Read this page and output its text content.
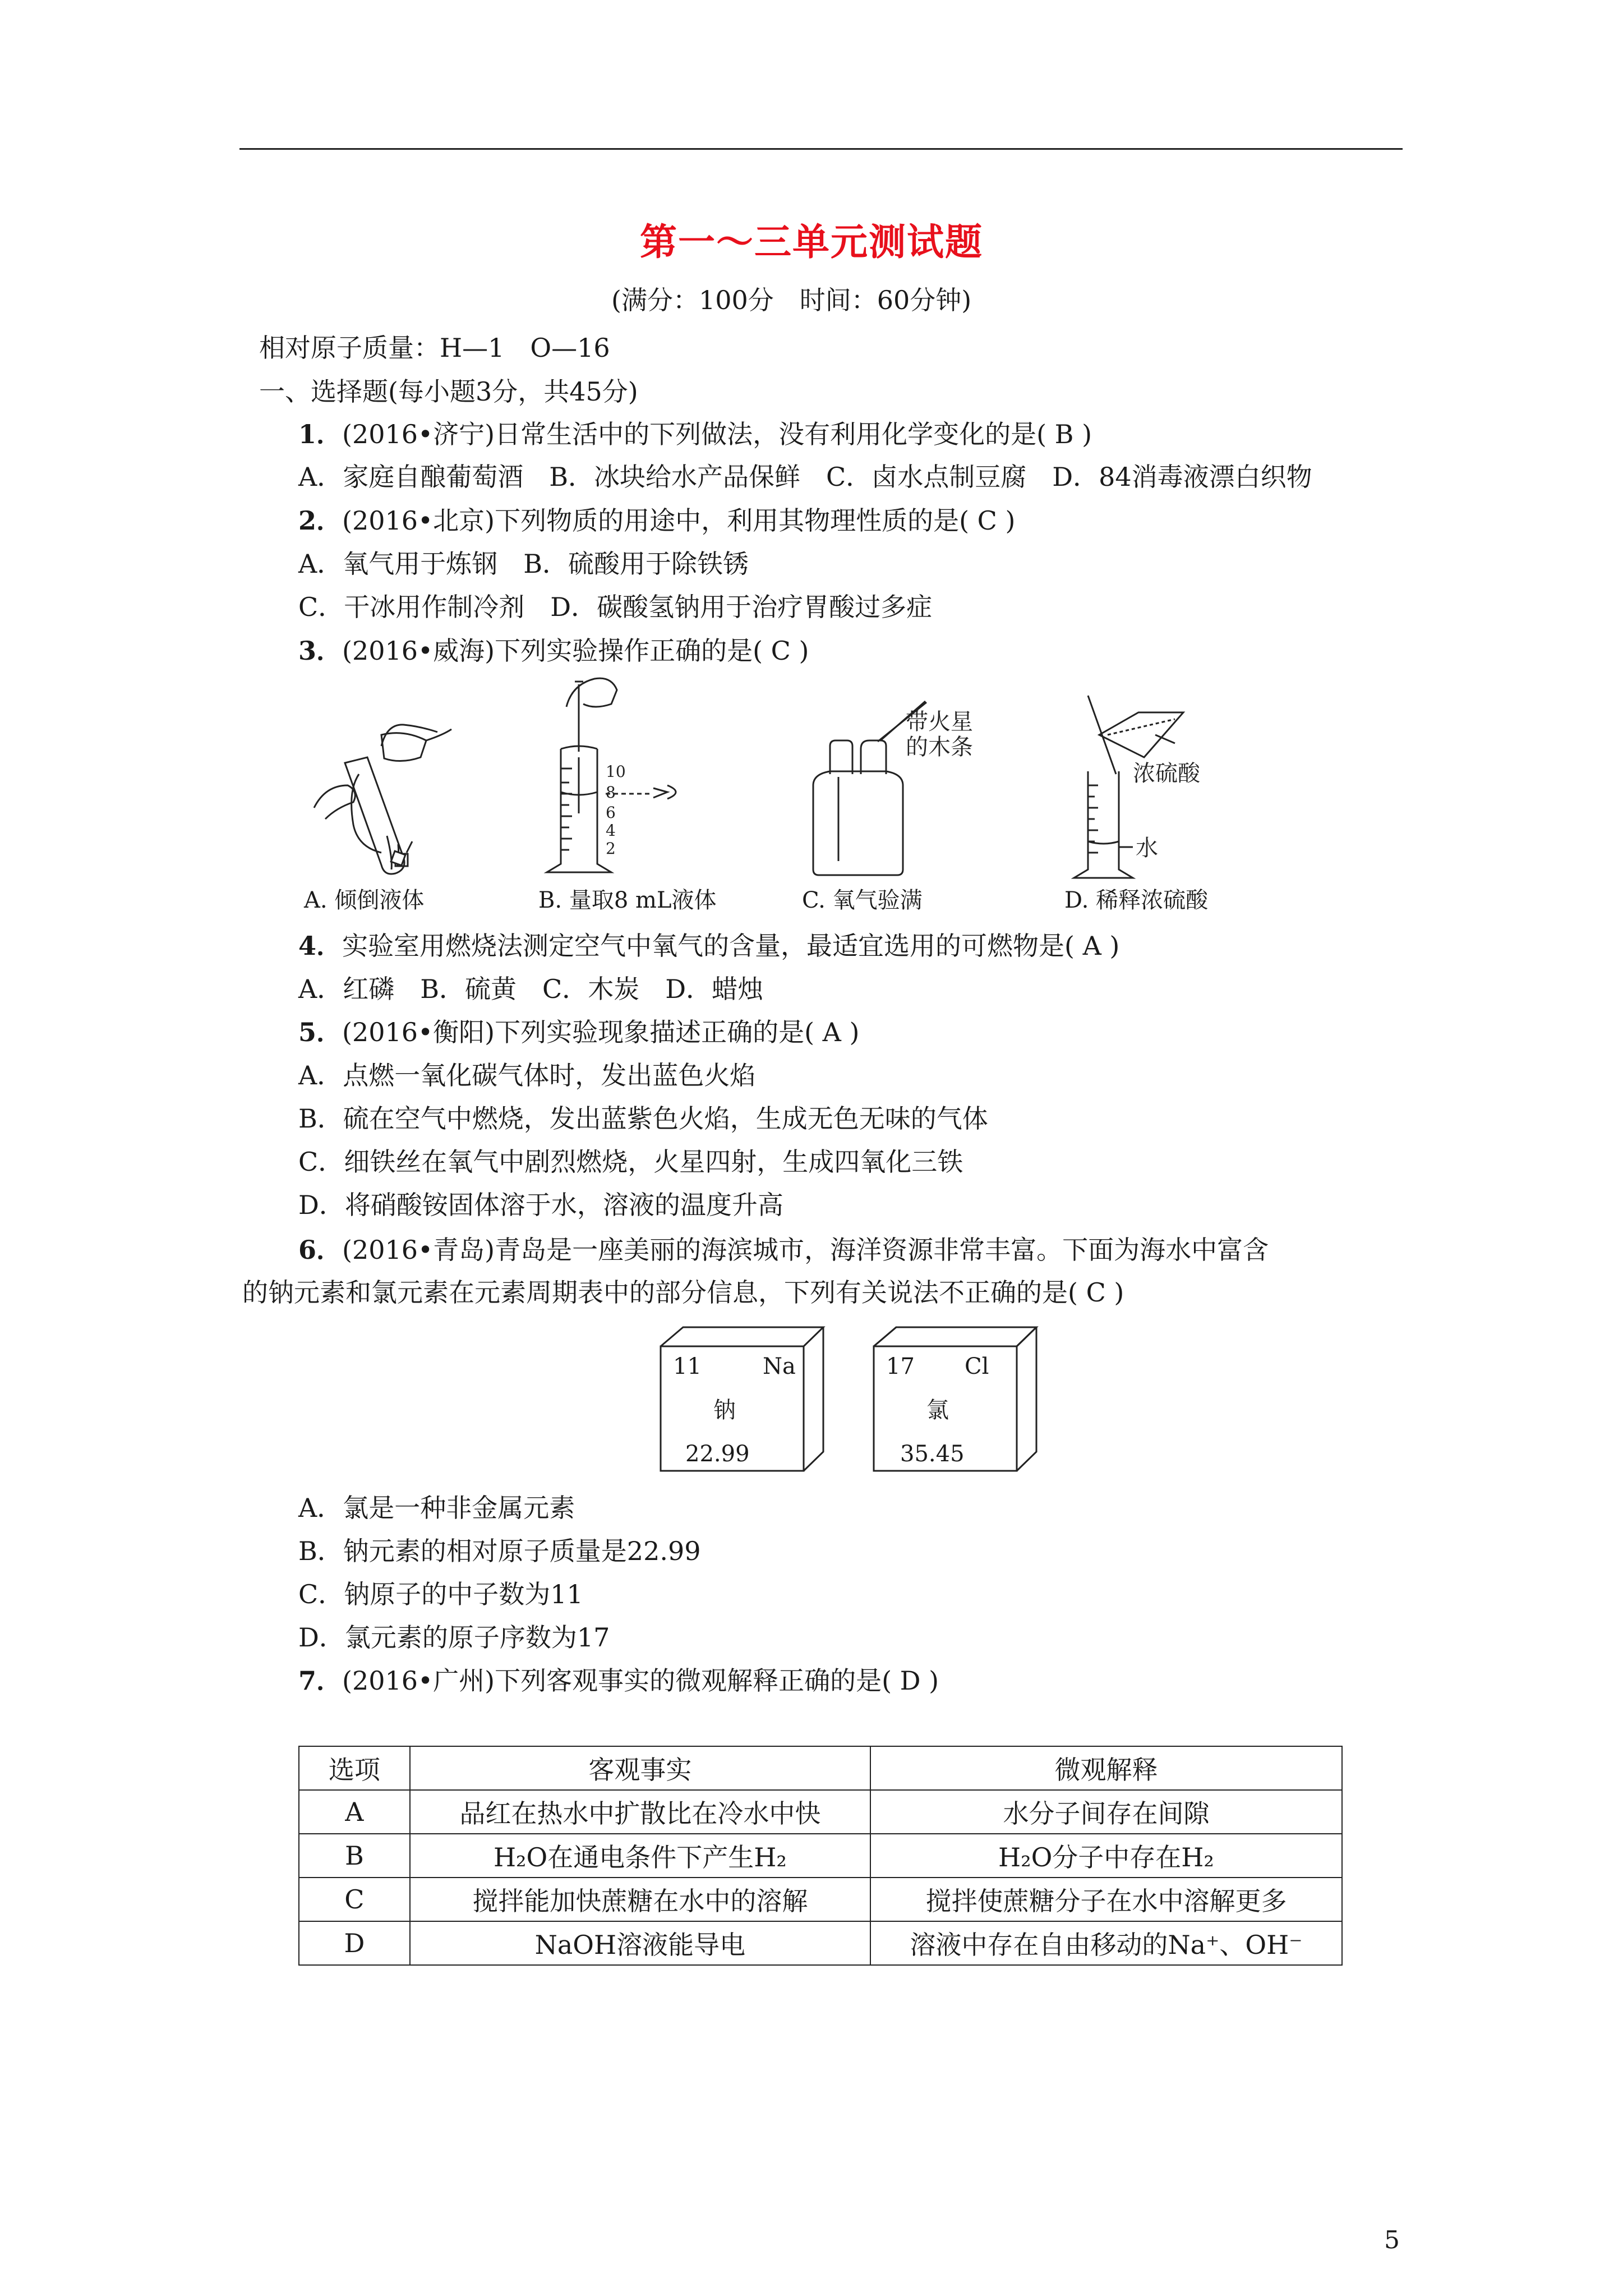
第一～三单元测试题
(满分：100分　时间：60分钟)
相对原子质量：H—1　O—16
一、选择题(每小题3分，共45分)
1．(2016•济宁)日常生活中的下列做法，没有利用化学变化的是( B )
A．家庭自酿葡萄酒　B．冰块给水产品保鲜　C．卤水点制豆腐　D．84消毒液漂白织物
2．(2016•北京)下列物质的用途中，利用其物理性质的是( C )
A．氧气用于炼钢　B．硫酸用于除铁锈
C．干冰用作制冷剂　D．碳酸氢钠用于治疗胃酸过多症
3．(2016•威海)下列实验操作正确的是( C )
A. 倾倒液体
10
8
6
4
2
B. 量取8 mL液体
带火星
的木条
C. 氧气验满
浓硫酸
水
D. 稀释浓硫酸
4．实验室用燃烧法测定空气中氧气的含量，最适宜选用的可燃物是( A )
A．红磷　B．硫黄　C．木炭　D．蜡烛
5．(2016•衡阳)下列实验现象描述正确的是( A )
A．点燃一氧化碳气体时，发出蓝色火焰
B．硫在空气中燃烧，发出蓝紫色火焰，生成无色无味的气体
C．细铁丝在氧气中剧烈燃烧，火星四射，生成四氧化三铁
D．将硝酸铵固体溶于水，溶液的温度升高
6．(2016•青岛)青岛是一座美丽的海滨城市，海洋资源非常丰富。下面为海水中富含
的钠元素和氯元素在元素周期表中的部分信息，下列有关说法不正确的是( C )
11	Na
钠
22.99
17 Cl
氯
35.45
A．氯是一种非金属元素
B．钠元素的相对原子质量是22.99
C．钠原子的中子数为11
D．氯元素的原子序数为17
7．(2016•广州)下列客观事实的微观解释正确的是( D )
选项	客观事实	微观解释
A	品红在热水中扩散比在冷水中快	水分子间存在间隙
B	H₂O在通电条件下产生H₂	H₂O分子中存在H₂
C	搅拌能加快蔗糖在水中的溶解	搅拌使蔗糖分子在水中溶解更多
D	NaOH溶液能导电	溶液中存在自由移动的Na⁺、OH⁻
5
